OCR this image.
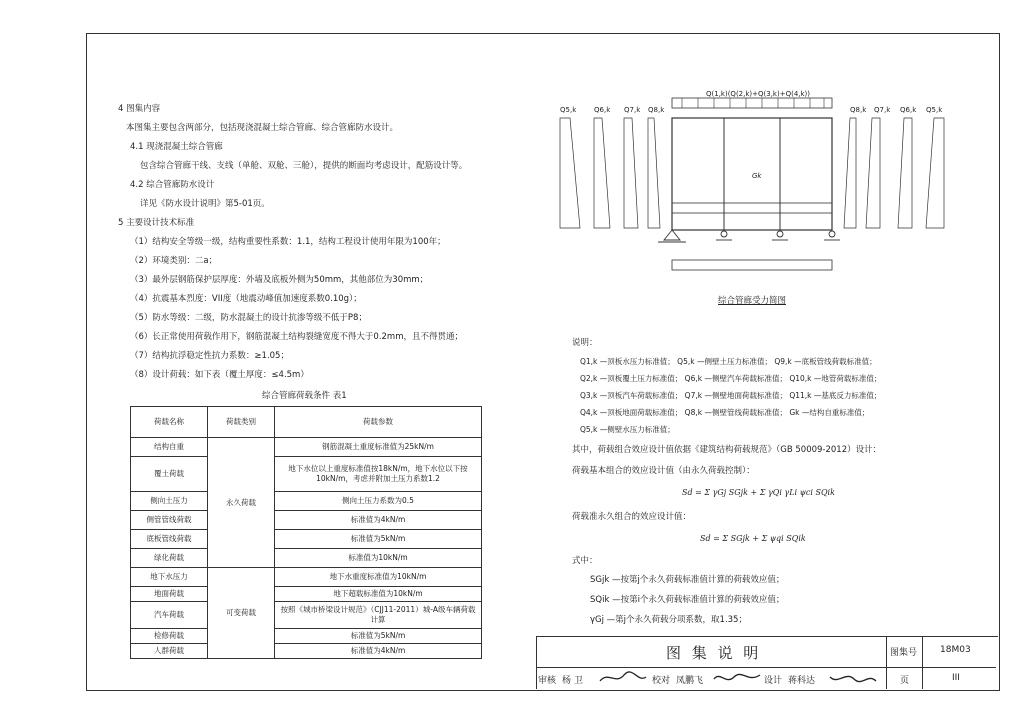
4 图集内容
本图集主要包含两部分，包括现浇混凝土综合管廊、综合管廊防水设计。
4.1 现浇混凝土综合管廊
包含综合管廊干线、支线（单舱、双舱、三舱），提供的断面均考虑设计，配筋设计等。
4.2 综合管廊防水设计
详见《防水设计说明》第5-01页。
5 主要设计技术标准
（1）结构安全等级一级，结构重要性系数：1.1，结构工程设计使用年限为100年；
（2）环境类别：二a；
（3）最外层钢筋保护层厚度：外墙及底板外侧为50mm，其他部位为30mm；
（4）抗震基本烈度：VII度（地震动峰值加速度系数0.10g）；
（5）防水等级：二级，防水混凝土的设计抗渗等级不低于P8；
（6）长正常使用荷载作用下，钢筋混凝土结构裂缝宽度不得大于0.2mm，且不得贯通；
（7）结构抗浮稳定性抗力系数：≥1.05；
（8）设计荷载：如下表（覆土厚度：≤4.5m）
综合管廊荷载条件 表1
荷载名称	荷载类别	荷载参数
结构自重	永久荷载	钢筋混凝土重度标准值为25kN/m
覆土荷载		地下水位以上重度标准值按18kN/m，地下水位以下按10kN/m，考虑并附加土压力系数1.2
侧向土压力		侧向土压力系数为0.5
侧管管线荷载		标准值为4kN/m
底板管线荷载		标准值为5kN/m
绿化荷载		标准值为10kN/m
地下水压力	可变荷载	地下水重度标准值为10kN/m
地面荷载		地下超载标准值为10kN/m
汽车荷载		按照《城市桥梁设计规范》（CJJ11-2011）城-A级车辆荷载计算
检修荷载		标准值为5kN/m
人群荷载		标准值为4kN/m
Q(1,k)(Q(2,k)+Q(3,k)+Q(4,k))
Gk
Q5,k	Q6,k Q7,k Q8,k	Q8,k Q7,k Q6,k Q5,k
综合管廊受力简图
说明：
Q1,k —顶板水压力标准值； Q5,k —侧壁土压力标准值； Q9,k —底板管线荷载标准值；
Q2,k —顶板覆土压力标准值； Q6,k —侧壁汽车荷载标准值； Q10,k —地管荷载标准值；
Q3,k —顶板汽车荷载标准值； Q7,k —侧壁地面荷载标准值； Q11,k —基底反力标准值；
Q4,k —顶板地面荷载标准值； Q8,k —侧壁管线荷载标准值； Gk —结构自重标准值；
Q5,k —侧壁水压力标准值；
其中，荷载组合效应设计值依据《建筑结构荷载规范》（GB 50009-2012）设计：
荷载基本组合的效应设计值（由永久荷载控制）：
Sd = Σ γGj SGjk + Σ γQi γLi ψci SQik
荷载准永久组合的效应设计值：
Sd = Σ SGjk + Σ ψqi SQik
式中：
SGjk —按第j个永久荷载标准值计算的荷载效应值；
SQik —按第i个永久荷载标准值计算的荷载效应值；
γGj —第j个永久荷载分项系数，取1.35；
图 集 说 明	图集号	18M03
页	III
审核 杨 卫	校对 凤鹏飞	设计 蒋科达
